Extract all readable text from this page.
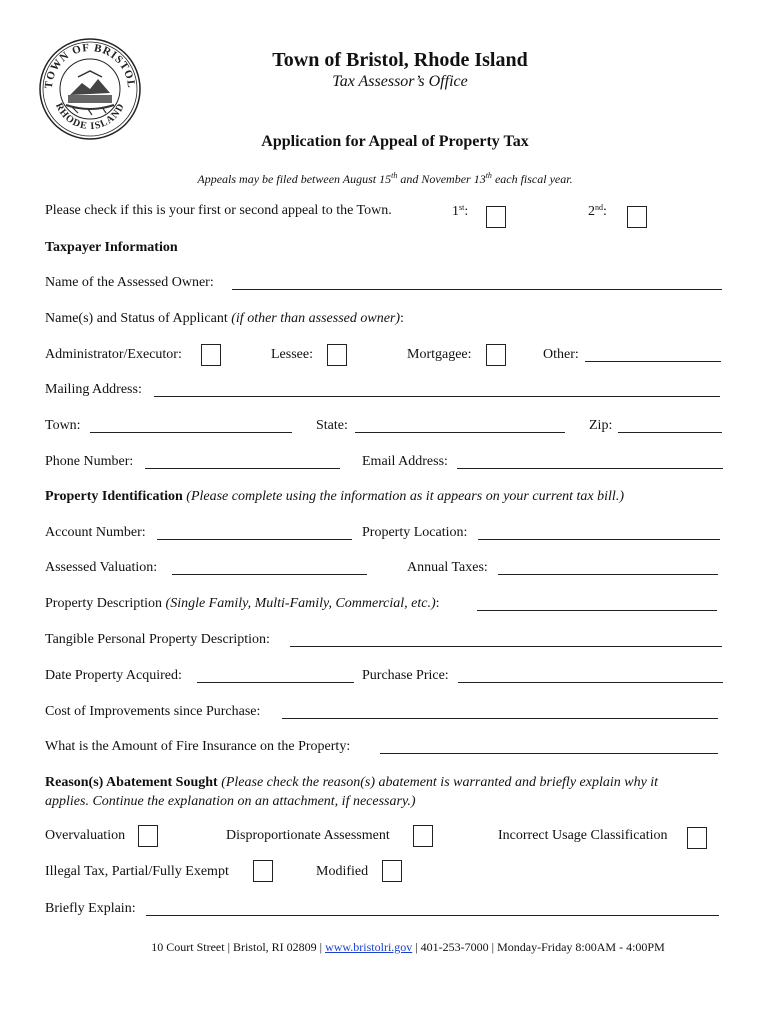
TOWN OF BRISTOL
RHODE ISLAND
Town of Bristol, Rhode Island
Tax Assessor’s Office
Application for Appeal of Property Tax
Appeals may be filed between August 15th and November 13th each fiscal year.
Please check if this is your first or second appeal to the Town.	1st:	2nd:
Taxpayer Information
Name of the Assessed Owner:
Name(s) and Status of Applicant (if other than assessed owner):
Administrator/Executor:	Lessee:	Mortgagee:	Other:
Mailing Address:
Town:	State:	Zip:
Phone Number:	Email Address:
Property Identification (Please complete using the information as it appears on your current tax bill.)
Account Number:	Property Location:
Assessed Valuation:	Annual Taxes:
Property Description (Single Family, Multi-Family, Commercial, etc.):
Tangible Personal Property Description:
Date Property Acquired:	Purchase Price:
Cost of Improvements since Purchase:
What is the Amount of Fire Insurance on the Property:
Reason(s) Abatement Sought (Please check the reason(s) abatement is warranted and briefly explain why it
applies. Continue the explanation on an attachment, if necessary.)
Overvaluation	Disproportionate Assessment	Incorrect Usage Classification
Illegal Tax, Partial/Fully Exempt	Modified
Briefly Explain:
10 Court Street | Bristol, RI 02809 | www.bristolri.gov | 401-253-7000 | Monday-Friday 8:00AM - 4:00PM
